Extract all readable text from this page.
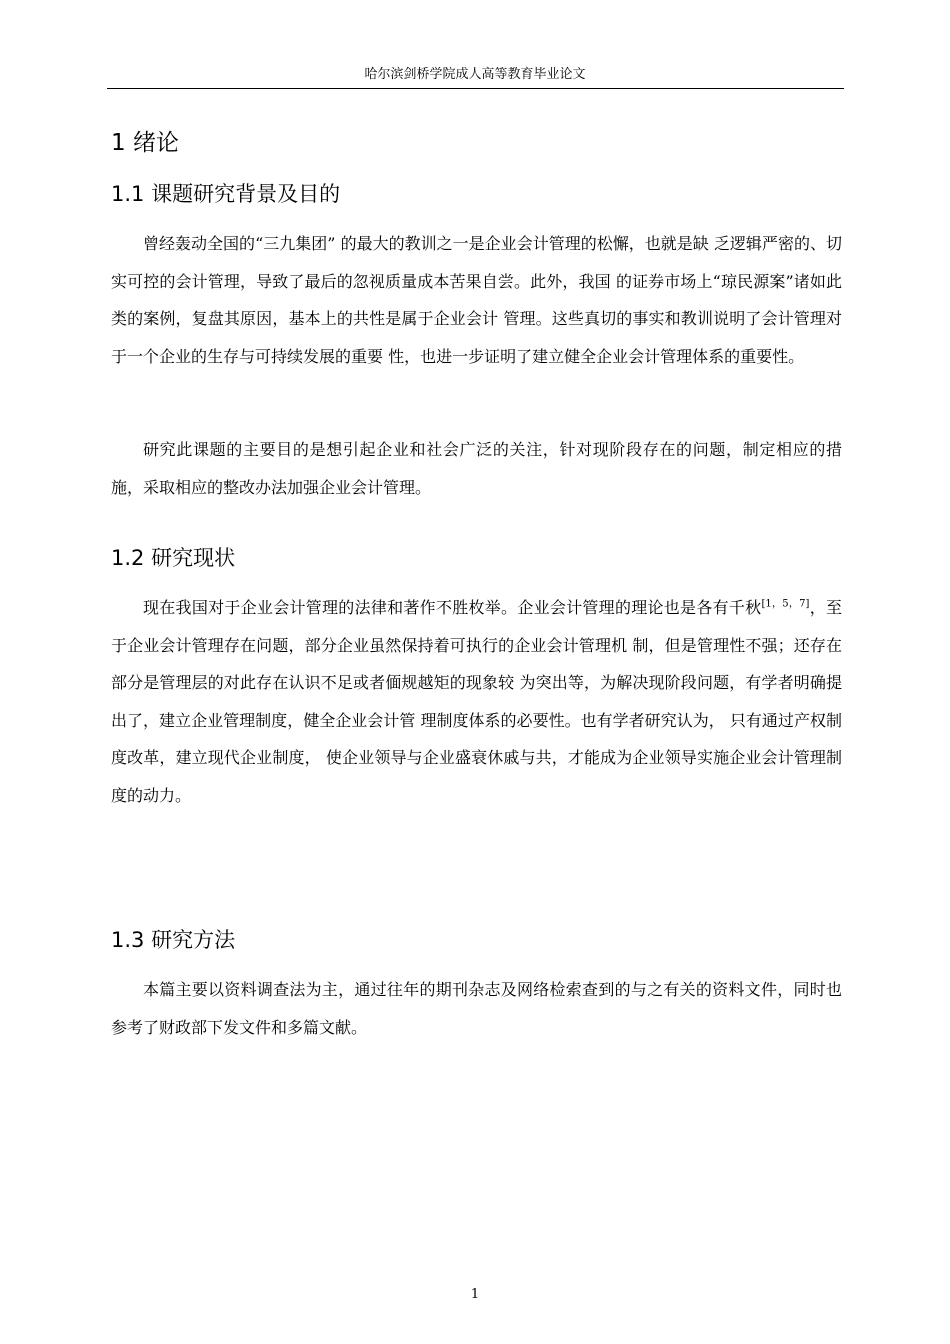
哈尔滨剑桥学院成人高等教育毕业论文
1 绪论
1.1 课题研究背景及目的

曾经轰动全国的“三九集团” 的最大的教训之一是企业会计管理的松懈，也就是缺 乏逻辑严密的、切实可控的会计管理，导致了最后的忽视质量成本苦果自尝。此外，我国 的证券市场上“琼民源案”诸如此类的案例，复盘其原因，基本上的共性是属于企业会计 管理。这些真切的事实和教训说明了会计管理对于一个企业的生存与可持续发展的重要 性，也进一步证明了建立健全企业会计管理体系的重要性。

研究此课题的主要目的是想引起企业和社会广泛的关注，针对现阶段存在的问题，制定相应的措施，采取相应的整改办法加强企业会计管理。

1.2 研究现状

现在我国对于企业会计管理的法律和著作不胜枚举。企业会计管理的理论也是各有千秋[1，5，7]，至于企业会计管理存在问题，部分企业虽然保持着可执行的企业会计管理机 制，但是管理性不强；还存在部分是管理层的对此存在认识不足或者偭规越矩的现象较 为突出等，为解决现阶段问题，有学者明确提出了，建立企业管理制度，健全企业会计管 理制度体系的必要性。也有学者研究认为， 只有通过产权制度改革，建立现代企业制度， 使企业领导与企业盛衰休戚与共，才能成为企业领导实施企业会计管理制度的动力。

1.3 研究方法

本篇主要以资料调查法为主，通过往年的期刊杂志及网络检索查到的与之有关的资料文件，同时也参考了财政部下发文件和多篇文献。

1
